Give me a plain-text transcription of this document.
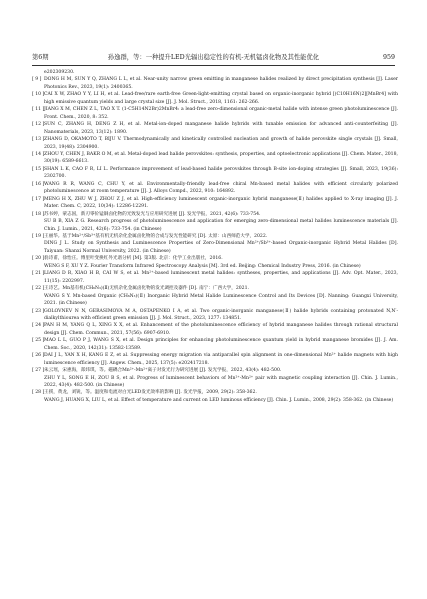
第6期	孙逸群，等：一种提升LED光辐出稳定性的有机-无机锰卤化物及其性能优化	959
e202309230.
[ 9 ] DONG H M, SUN Y Q, ZHANG L L, et al. Near-unity narrow green emitting in manganese halides realized by direct precipitation synthesis [J]. Laser Photonics Rev., 2023, 19(1): 2400365.
[ 10 ] CAI X W, ZHAO Y Y, LI H, et al. Lead-free/rare earth-free Green-light-emitting crystal based on organic-inorganic hybrid [(C10H16N)2][MnBr4] with high emissive quantum yields and large crystal size [J]. J. Mol. Struct., 2018, 1161: 262-266.
[ 11 ] JIANG X M, CHEN Z L, TAO X T. (1-C5H14N2Br)2MnBr4: a lead-free zero-dimensional organic-metal halide with intense green photoluminescence [J]. Front. Chem., 2020, 8: 352.
[ 12 ] SUN C, ZHANG H, DENG Z H, et al. Metal-ion-doped manganese halide hybrids with tunable emission for advanced anti-counterfeiting [J]. Nanomaterials, 2023, 13(12): 1890.
[ 13 ] ZHANG D, OKAMOTO T, BIJU V. Thermodynamically and kinetically controlled nucleation and growth of halide perovskite single crystals [J]. Small, 2023, 19(48): 2304900.
[ 14 ] ZHOU Y, CHEN J, BAKR O M, et al. Metal-doped lead halide perovskites: synthesis, properties, and optoelectronic applications [J]. Chem. Mater., 2018, 30(19): 6589-6613.
[ 15 ] SHAN L K, CAO F R, LI L. Performance improvement of lead-based halide perovskites through B-site ion-doping strategies [J]. Small, 2023, 19(36): 2302700.
[ 16 ] WANG R R, WANG C, CHU Y, et al. Environmentally-friendly lead-free chiral Mn-based metal halides with efficient circularly polarized photoluminescence at room temperature [J]. J. Alloys Compd., 2022, 910: 164892.
[ 17 ] MENG H X, ZHU W J, ZHOU Z J, et al. High-efficiency luminescent organic-inorganic hybrid manganese(Ⅱ) halides applied to X-ray imaging [J]. J. Mater. Chem. C, 2022, 10(34): 12286-12291.
[ 18 ] 苏书婷，蒙志国，新刃零价锰铜卤化物的光致发光与应用研究进展 [J]. 发光学报，2021, 42(6): 733-754.
SU B B, XIA Z G. Research progress of photoluminescence and application for emerging zero-dimensional metal halides luminescence materials [J]. Chin. J. Lumin., 2021, 42(6): 733-754. (in Chinese)
[ 19 ] 王丽华。基于Mn²⁺/Sb³⁺基有机无机杂化金属卤化物的合成与发光性能研究 [D]. 太原：山西师范大学，2022.
DING J L. Study on Synthesis and Luminescence Properties of Zero-Dimensional Mn²⁺/Sb³⁺-based Organic-inorganic Hybrid Metal Halides [D]. Taiyuan: Shanxi Normal University, 2022. (in Chinese)
[ 20 ] 翁诗甫，徐怡庄。傅里叶变换红外光谱分析 [M]. 第3版. 北京：化学工业出版社，2016.
WENG S F, XU Y Z. Fourier Transform Infrared Spectroscopy Analysis [M]. 3rd ed. Beijing: Chemical Industry Press, 2016. (in Chinese)
[ 21 ] LIANG D R, XIAO H B, CAI W S, et al. Mn²⁺-based luminescent metal halides: syntheses, properties, and applications [J]. Adv. Opt. Mater., 2023, 11(15): 2202997.
[ 22 ] 王诗艺。Mn基有机(CH₆N₃)(Ⅱ)无机杂化金属卤化物的发光调控及器件 [D]. 南宁：广西大学，2021.
WANG S Y. Mn-based Organic (CH₆N₃)(Ⅱ) Inorganic Hybrid Metal Halide Luminescence Control and Its Devices [D]. Nanning: Guangxi University, 2021. (in Chinese)
[ 23 ] GOLOVNEV N N, GERASIMOVA M A, OSTAPENKO I A, et al. Two organic-inorganic manganese(Ⅱ) halide hybrids containing protonated N,N′-dialkylthiourea with efficient green emission [J]. J. Mol. Struct., 2023, 1277: 134851.
[ 24 ] PAN H M, YANG Q L, XING X X, et al. Enhancement of the photoluminescence efficiency of hybrid manganese halides through rational structural design [J]. Chem. Commun., 2021, 57(56): 6907-6910.
[ 25 ] MAO L L, GUO P J, WANG S X, et al. Design principles for enhancing photoluminescence quantum yield in hybrid manganese bromides [J]. J. Am. Chem. Soc., 2020, 142(31): 13582-13589.
[ 26 ] DAI J L, YAN X H, KANG E Z, et al. Suppressing energy migration via antiparallel spin alignment in one-dimensional Mn²⁺ halide magnets with high luminescence efficiency [J]. Angew. Chem., 2025, 137(5): e202417218.
[ 27 ] 朱云瑶，宋惠海，郑炜琪，等。磁耦合Mn²⁺-Mn²⁺离子对发光行为研究进展 [J]. 发光学报，2022, 43(4): 482-500.
ZHU Y L, SONG E H, ZOU B S, et al. Progress of luminescent behaviors of Mn²⁺-Mn²⁺ pair with magnetic coupling interaction [J]. Chin. J. Lumin., 2022, 43(4): 482-500. (in Chinese)
[ 28 ] 王援，黄龙，刘锐，等。温度和电流对白光LED发光效率的影响 [J]. 发光学报，2009, 29(2): 358-362.
WANG J, HUANG X, LIU L, et al. Effect of temperature and current on LED luminous efficiency [J]. Chin. J. Lumin., 2008, 29(2): 358-362. (in Chinese)
